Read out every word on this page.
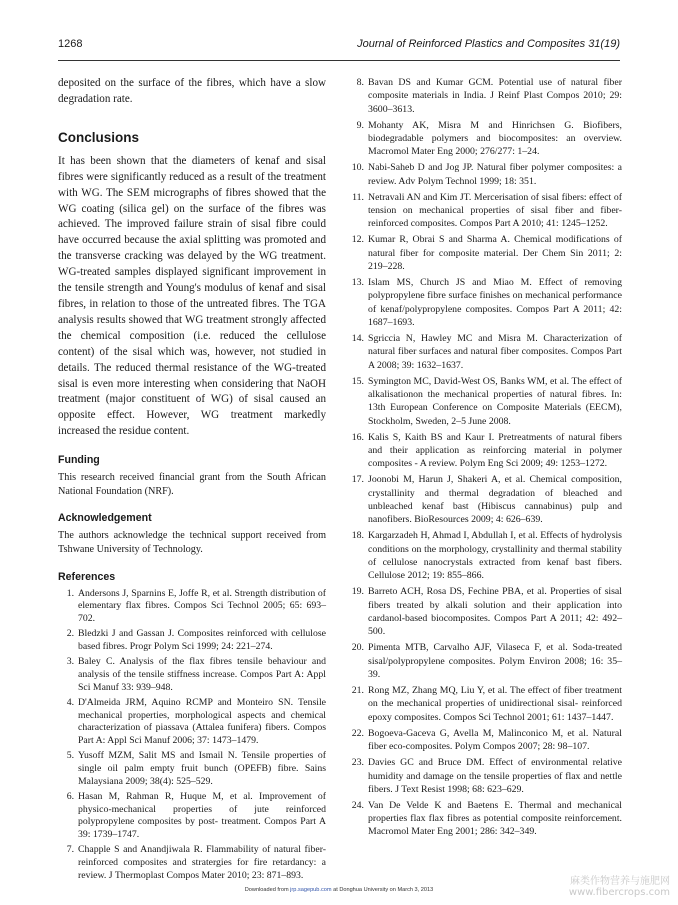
1268	Journal of Reinforced Plastics and Composites 31(19)

deposited on the surface of the fibres, which have a slow degradation rate.

Conclusions

It has been shown that the diameters of kenaf and sisal fibres were significantly reduced as a result of the treatment with WG. The SEM micrographs of fibres showed that the WG coating (silica gel) on the surface of the fibres was achieved. The improved failure strain of sisal fibre could have occurred because the axial splitting was promoted and the transverse cracking was delayed by the WG treatment. WG-treated samples displayed significant improvement in the tensile strength and Young's modulus of kenaf and sisal fibres, in relation to those of the untreated fibres. The TGA analysis results showed that WG treatment strongly affected the chemical composition (i.e. reduced the cellulose content) of the sisal which was, however, not studied in details. The reduced thermal resistance of the WG-treated sisal is even more interesting when considering that NaOH treatment (major constituent of WG) of sisal caused an opposite effect. However, WG treatment markedly increased the residue content.

Funding

This research received financial grant from the South African National Foundation (NRF).

Acknowledgement

The authors acknowledge the technical support received from Tshwane University of Technology.

References
1. Andersons J, Sparnins E, Joffe R, et al. Strength distribution of elementary flax fibres. Compos Sci Technol 2005; 65: 693–702.
2. Bledzki J and Gassan J. Composites reinforced with cellulose based fibres. Progr Polym Sci 1999; 24: 221–274.
3. Baley C. Analysis of the flax fibres tensile behaviour and analysis of the tensile stiffness increase. Compos Part A: Appl Sci Manuf 33: 939–948.
4. D'Almeida JRM, Aquino RCMP and Monteiro SN. Tensile mechanical properties, morphological aspects and chemical characterization of piassava (Attalea funifera) fibers. Compos Part A: Appl Sci Manuf 2006; 37: 1473–1479.
5. Yusoff MZM, Salit MS and Ismail N. Tensile properties of single oil palm empty fruit bunch (OPEFB) fibre. Sains Malaysiana 2009; 38(4): 525–529.
6. Hasan M, Rahman R, Huque M, et al. Improvement of physico-mechanical properties of jute reinforced polypropylene composites by post- treatment. Compos Part A 39: 1739–1747.
7. Chapple S and Anandjiwala R. Flammability of natural fiber-reinforced composites and stratergies for fire retardancy: a review. J Thermoplast Compos Mater 2010; 23: 871–893.
8. Bavan DS and Kumar GCM. Potential use of natural fiber composite materials in India. J Reinf Plast Compos 2010; 29: 3600–3613.
9. Mohanty AK, Misra M and Hinrichsen G. Biofibers, biodegradable polymers and biocomposites: an overview. Macromol Mater Eng 2000; 276/277: 1–24.
10. Nabi-Saheb D and Jog JP. Natural fiber polymer composites: a review. Adv Polym Technol 1999; 18: 351.
11. Netravali AN and Kim JT. Mercerisation of sisal fibers: effect of tension on mechanical properties of sisal fiber and fiber-reinforced composites. Compos Part A 2010; 41: 1245–1252.
12. Kumar R, Obrai S and Sharma A. Chemical modifications of natural fiber for composite material. Der Chem Sin 2011; 2: 219–228.
13. Islam MS, Church JS and Miao M. Effect of removing polypropylene fibre surface finishes on mechanical performance of kenaf/polypropylene composites. Compos Part A 2011; 42: 1687–1693.
14. Sgriccia N, Hawley MC and Misra M. Characterization of natural fiber surfaces and natural fiber composites. Compos Part A 2008; 39: 1632–1637.
15. Symington MC, David-West OS, Banks WM, et al. The effect of alkalisationon the mechanical properties of natural fibres. In: 13th European Conference on Composite Materials (EECM), Stockholm, Sweden, 2–5 June 2008.
16. Kalis S, Kaith BS and Kaur I. Pretreatments of natural fibers and their application as reinforcing material in polymer composites - A review. Polym Eng Sci 2009; 49: 1253–1272.
17. Joonobi M, Harun J, Shakeri A, et al. Chemical composition, crystallinity and thermal degradation of bleached and unbleached kenaf bast (Hibiscus cannabinus) pulp and nanofibers. BioResources 2009; 4: 626–639.
18. Kargarzadeh H, Ahmad I, Abdullah I, et al. Effects of hydrolysis conditions on the morphology, crystallinity and thermal stability of cellulose nanocrystals extracted from kenaf bast fibers. Cellulose 2012; 19: 855–866.
19. Barreto ACH, Rosa DS, Fechine PBA, et al. Properties of sisal fibers treated by alkali solution and their application into cardanol-based biocomposites. Compos Part A 2011; 42: 492–500.
20. Pimenta MTB, Carvalho AJF, Vilaseca F, et al. Soda-treated sisal/polypropylene composites. Polym Environ 2008; 16: 35–39.
21. Rong MZ, Zhang MQ, Liu Y, et al. The effect of fiber treatment on the mechanical properties of unidirectional sisal- reinforced epoxy composites. Compos Sci Technol 2001; 61: 1437–1447.
22. Bogoeva-Gaceva G, Avella M, Malinconico M, et al. Natural fiber eco-composites. Polym Compos 2007; 28: 98–107.
23. Davies GC and Bruce DM. Effect of environmental relative humidity and damage on the tensile properties of flax and nettle fibers. J Text Resist 1998; 68: 623–629.
24. Van De Velde K and Baetens E. Thermal and mechanical properties flax flax fibres as potential composite reinforcement. Macromol Mater Eng 2001; 286: 342–349.
Downloaded from jrp.sagepub.com at Donghua University on March 3, 2013
麻类作物营养与施肥网
www.fibercrops.com
